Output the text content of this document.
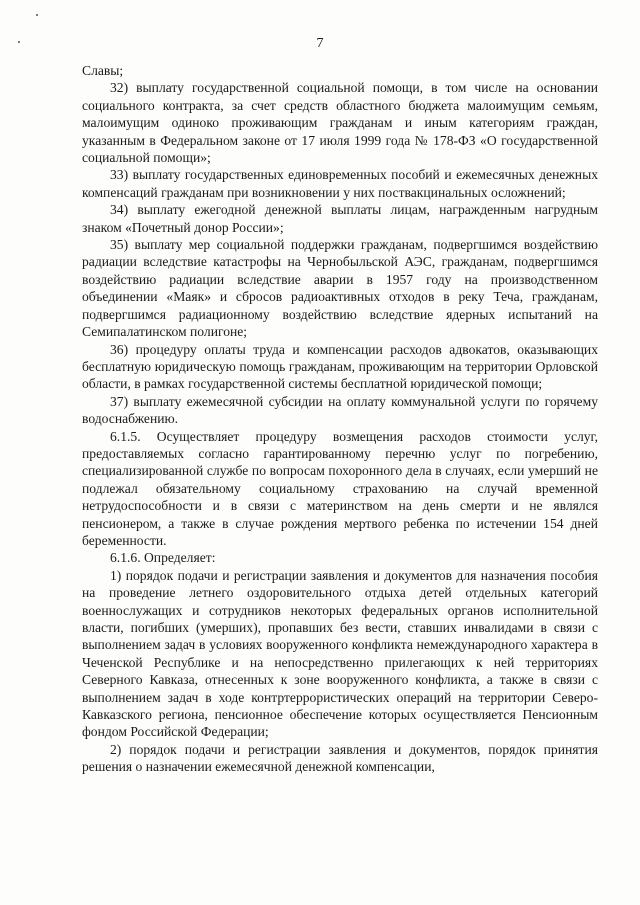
7

Славы;

32) выплату государственной социальной помощи, в том числе на основании социального контракта, за счет средств областного бюджета малоимущим семьям, малоимущим одиноко проживающим гражданам и иным категориям граждан, указанным в Федеральном законе от 17 июля 1999 года № 178-ФЗ «О государственной социальной помощи»;

33) выплату государственных единовременных пособий и ежемесячных денежных компенсаций гражданам при возникновении у них поствакцинальных осложнений;

34) выплату ежегодной денежной выплаты лицам, награжденным нагрудным знаком «Почетный донор России»;

35) выплату мер социальной поддержки гражданам, подвергшимся воздействию радиации вследствие катастрофы на Чернобыльской АЭС, гражданам, подвергшимся воздействию радиации вследствие аварии в 1957 году на производственном объединении «Маяк» и сбросов радиоактивных отходов в реку Теча, гражданам, подвергшимся радиационному воздействию вследствие ядерных испытаний на Семипалатинском полигоне;

36) процедуру оплаты труда и компенсации расходов адвокатов, оказывающих бесплатную юридическую помощь гражданам, проживающим на территории Орловской области, в рамках государственной системы бесплатной юридической помощи;

37) выплату ежемесячной субсидии на оплату коммунальной услуги по горячему водоснабжению.

6.1.5. Осуществляет процедуру возмещения расходов стоимости услуг, предоставляемых согласно гарантированному перечню услуг по погребению, специализированной службе по вопросам похоронного дела в случаях, если умерший не подлежал обязательному социальному страхованию на случай временной нетрудоспособности и в связи с материнством на день смерти и не являлся пенсионером, а также в случае рождения мертвого ребенка по истечении 154 дней беременности.

6.1.6. Определяет:

1) порядок подачи и регистрации заявления и документов для назначения пособия на проведение летнего оздоровительного отдыха детей отдельных категорий военнослужащих и сотрудников некоторых федеральных органов исполнительной власти, погибших (умерших), пропавших без вести, ставших инвалидами в связи с выполнением задач в условиях вооруженного конфликта немеждународного характера в Чеченской Республике и на непосредственно прилегающих к ней территориях Северного Кавказа, отнесенных к зоне вооруженного конфликта, а также в связи с выполнением задач в ходе контртеррористических операций на территории Северо-Кавказского региона, пенсионное обеспечение которых осуществляется Пенсионным фондом Российской Федерации;

2) порядок подачи и регистрации заявления и документов, порядок принятия решения о назначении ежемесячной денежной компенсации,
